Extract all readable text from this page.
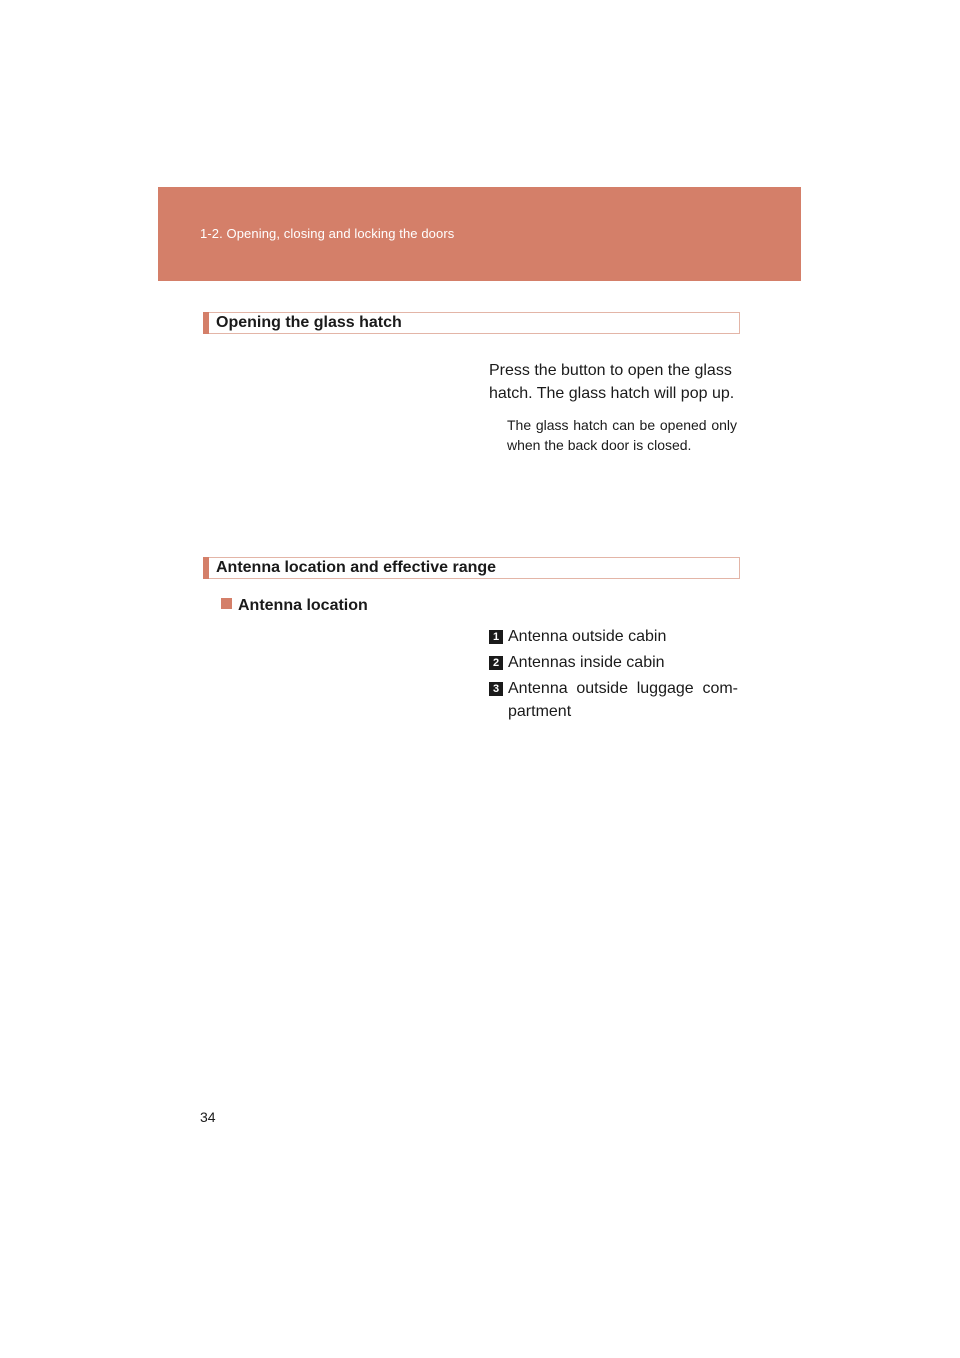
1-2. Opening, closing and locking the doors
Opening the glass hatch
Press the button to open the glass hatch. The glass hatch will pop up.
The glass hatch can be opened only when the back door is closed.
Antenna location and effective range
Antenna location
1 Antenna outside cabin
2 Antennas inside cabin
3 Antenna outside luggage com- partment
34
